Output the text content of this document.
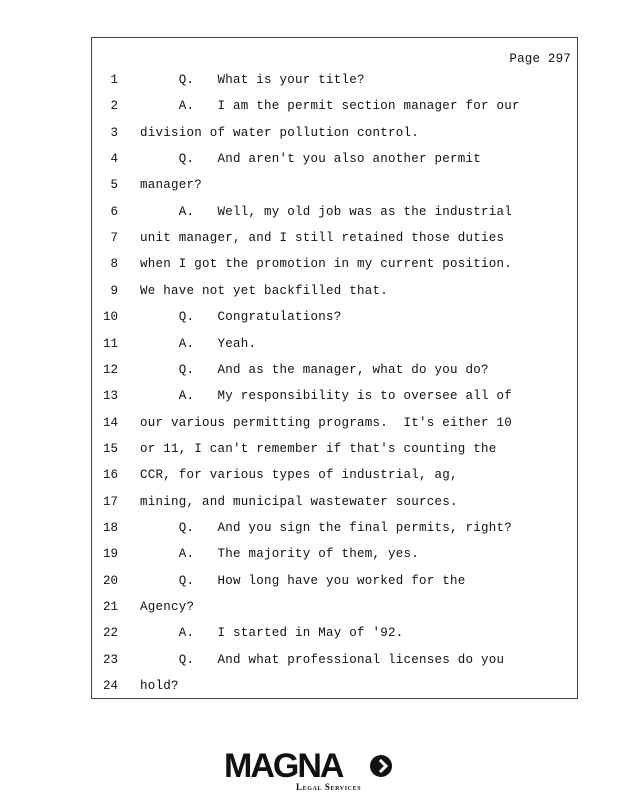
Page 297
1 Q.   What is your title?
2 A.   I am the permit section manager for our
3 division of water pollution control.
4 Q.   And aren't you also another permit
5 manager?
6 A.   Well, my old job was as the industrial
7 unit manager, and I still retained those duties
8 when I got the promotion in my current position.
9 We have not yet backfilled that.
10 Q.   Congratulations?
11 A.   Yeah.
12 Q.   And as the manager, what do you do?
13 A.   My responsibility is to oversee all of
14 our various permitting programs.  It's either 10
15 or 11, I can't remember if that's counting the
16 CCR, for various types of industrial, ag,
17 mining, and municipal wastewater sources.
18 Q.   And you sign the final permits, right?
19 A.   The majority of them, yes.
20 Q.   How long have you worked for the
21 Agency?
22 A.   I started in May of '92.
23 Q.   And what professional licenses do you
24 hold?
MAGNA
Legal Services
